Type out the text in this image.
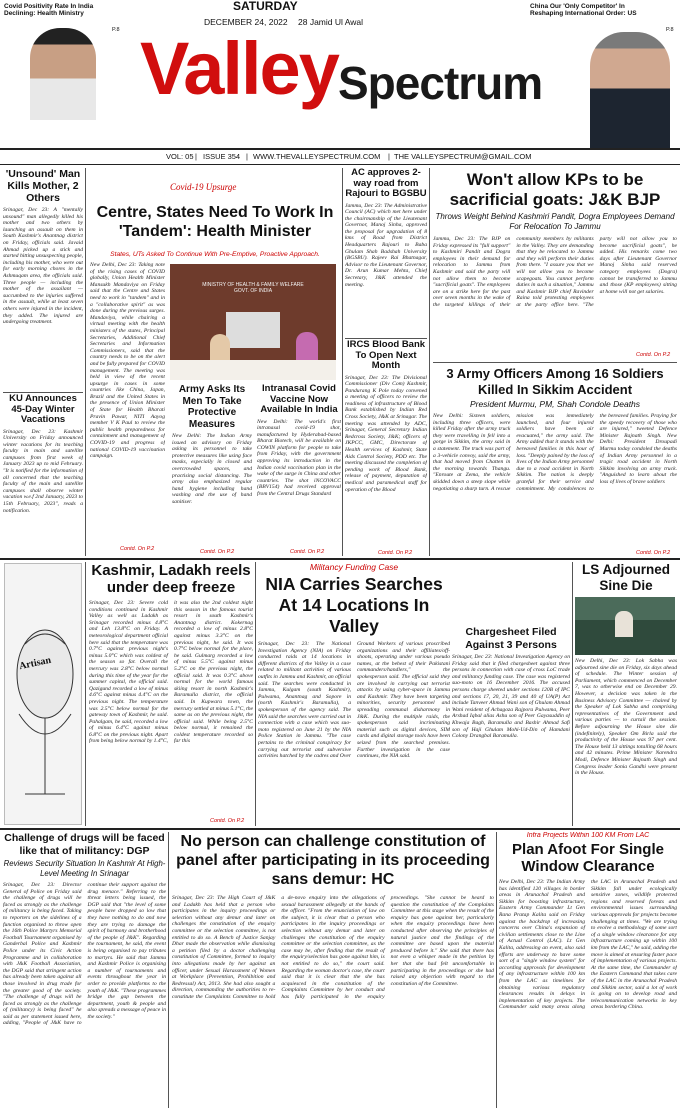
Covid Positivity Rate In India
Declining: Health Ministry
P.8
SATURDAY
DECEMBER 24, 2022 28 Jamid Ul Awal
China Our 'Only Competitor' In
Reshaping International Order: US
P.8
Valley Spectrum
VOL: 05 | ISSUE 354 | WWW.THEVALLEYSPECTRUM.COM | THE VALLEYSPECTRUM@GMAIL.COM
'Unsound' Man Kills Mother, 2 Others
Srinagar, Dec 23: A "mentally unsound" man allegedly killed his mother and two others by launching an assault on them in South Kashmir's Anantnag district on Friday, officials said. Javaid Ahmad picked up a stick and started hitting unsuspecting people, including his mother, who were out for early morning chores in the Ashmuqam area, the officials said. Three people — including the mother of the assailant — succumbed to the injuries suffered in the assault, while at least seven others were injured in the incident, they added. The injured are undergoing treatment.
KU Announces 45-Day Winter Vacations
Srinagar, Dec 23: Kashmir University on Friday announced winter vacations for its teaching faculty in main and satellite campuses from first week of January 2023 up to mid February. "It is notified for the information of all concerned that the teaching faculty of the main and satellite campuses shall observe winter vacation w.e.f 2nd January, 2023 to 15th February, 2023", reads a notification.
Covid-19 Upsurge
Centre, States Need To Work In 'Tandem': Health Minister
States, UTs Asked To Continue With Pre-Emptive, Proactive Approach.
New Delhi, Dec 23: Taking note of the rising cases of COVID globally, Union Health Minister Mansukh Mandaviya on Friday said that the Centre and States need to work in "tandem" and in a "collaborative spirit" as was done during the previous surges. Mandaviya, while chairing a virtual meeting with the health ministers of the states, Principal Secretaries, Additional Chief Secretaries and Information Commissioners, said that the country needs to be on the alert and be fully prepared for COVID management. The meeting was held in view of the recent upsurge in cases in some countries like China, Japan, Brazil and the United States in the presence of Union Minister of State for Health Bharati Pravin Pawar, NITI Aayog member V K Paul to review the public health preparedness for containment and management of COVID-19 and progress of national COVID-19 vaccination campaign.
Contd. On P.2
MINISTRY OF HEALTH & FAMILY WELFARE GOVT. OF INDIA
Army Asks Its Men To Take Protective Measures
New Delhi: The Indian Army issued an advisory on Friday asking its personnel to take protective measures like using face masks, especially in closed and overcrowded spaces, and practising social distancing. The army also emphasized regular hand hygiene including hand washing and the use of hand sanitiser.
Contd. On P.2
Intranasal Covid Vaccine Now Available In India
New Delhi: The world's first intranasal covid-19 shot, manufactured by Hyderabad-based Bharat Biotech, will be available on COWIN platform for people to take from Friday, with the government approving its introduction in the Indian covid vaccination plan in the wake of the surge in China and other countries. The shot iNCOVACC (BBV154) had received approval from the Central Drugs Standard
Contd. On P.2
AC approves 2-way road from Rajouri to BGSBU
Jammu, Dec 23: The Administrative Council (AC) which met here under the chairmanship of the Lieutenant Governor, Manoj Sinha, approved the proposal for upgradation of 8 kms of Road from District Headquarters Rajouri to Baba Ghulam Shah Badshah University (BGSBU). Rajeev Rai Bhatnagar, Advisor to the Lieutenant Governor, Dr. Arun Kumar Mehta, Chief Secretary, J&K attended the meeting.
IRCS Blood Bank To Open Next Month
Srinagar, Dec 23: The Divisional Commissioner (Div Com) Kashmir, Pandurang K Pole today convened a meeting of officers to review the readiness of infrastructure of Blood Bank established by Indian Red Cross Society, J&K at Srinagar. The meeting was attended by ADC, Srinagar, General Secretary Indian Redcross Society, J&K; officers of JKPCC, GMC, Directorate of Health services of Kashmir, State Aids Control Society, PDD etc. The meeting discussed the completion of pending work of Blood Bank, release of payment, deputation of medical and paramedical staff for operation of the Blood
Contd. On P.2
Won't allow KPs to be sacrificial goats: J&K BJP
Throws Weight Behind Kashmiri Pandit, Dogra Employees Demand For Relocation To Jammu
Jammu, Dec 23: The BJP on Friday expressed its "full support" to Kashmiri Pandit and Dogra employees in their demand for relocation to Jammu from Kashmir and said the party will not allow them to become "sacrificial goats". The employees are on a strike here for the past over seven months in the wake of the targeted killings of their community members by militants in the Valley. They are demanding that they be relocated to Jammu and they will perform their duties from there. "I assure you that we will not allow you to become scapegoats. You cannot perform duties in such a situation," Jammu and Kashmir BJP chief Ravinder Raina told protesting employees at the party office here. "The party will not allow you to become sacrificial goats", he added. His remarks come two days after Lieutenant Governor Manoj Sinha said reserved category employees (Dogra) cannot be transferred to Jammu and those (KP employees) sitting at home will not get salaries.
Contd. On P.2
3 Army Officers Among 16 Soldiers Killed In Sikkim Accident
President Murmu, PM, Shah Condole Deaths
New Delhi: Sixteen soldiers, including three officers, were killed Friday after the army truck they were travelling in fell into a gorge in Sikkim, the army said in a statement. The truck was part of a 3-vehicle convoy, said the army, that had moved from Chatten in the morning towards Thangu. "Enroute at Zema, the vehicle skidded down a steep slope while negotiating a sharp turn. A rescue mission was immediately launched, and four injured soldiers have been air evacuated," the army said. The Army added that it stands with the bereaved families in this hour of loss. "Deeply pained by the loss of lives of the Indian Army personnel due to a road accident in North Sikkim. The nation is deeply grateful for their service and commitment. My condolences to the bereaved families. Praying for the speedy recovery of those who are injured," tweeted Defence Minister Rajnath Singh. New Delhi: President Droupadi Murmu today condoled the deaths of Indian Army personnel in a tragic road accident in North Sikkim involving an army truck. "Anguished to learn about the loss of lives of brave soldiers
Contd. On P.2
Artisan
Kashmir, Ladakh reels under deep freeze
Srinagar, Dec 23: Severe cold conditions continued in Kashmir Valley as well as Ladakh as Srinagar recorded minus 4.8°C and Leh 13.8°C on Friday. A meteorological department official here said that the temperature was 0.7°C against previous night's minus 5.0°C which was coldest of the season so far. Overall the mercury was 2.8°C below normal during this time of the year for the summer capital, the official said. Qazigund recorded a low of minus 4.6°C against minus 4.4°C on the previous night. The temperature was 2.5°C below normal for the gateway town of Kashmir, he said. Pahalgam, he said, recorded a low of minus 6.4°C against minus 6.8°C on the previous night. Apart from being below normal by 1.4°C, it was also the 2nd coldest night this season in the famous tourist resort in south Kashmir's Anantnag district. Kokernag recorded a low of minus 2.8°C against minus 3.3°C on the previous night, he said. It was 0.7°C below normal for the place, he said. Gulmarg recorded a low of minus 5.5°C against minus 5.2°C on the previous night, the official said. It was 0.3°C above normal for the world famous skiing resort in north Kashmir's Baramulla district, the official said. In Kupwara town, the mercury settled at minus 5.1°C, the same as on the previous night, the official said. While being 2.5°C below normal, it remained the coldest temperature recorded so far this
Contd. On P.2
Militancy Funding Case
NIA Carries Searches At 14 Locations In Valley
Srinagar, Dec 23: The National Investigation Agency (NIA) on Friday conducted raids at 14 locations in different districts of the Valley in a case related to militant activities of various outfits in Jammu and Kashmir, an official said. The searches were conducted in Jammu, Kulgam (south Kashmir), Pulwama, Anantnag and Sopore in (north Kashmir's Baramulla), a spokesperson of the agency said. The NIA said the searches were carried out in connection with a case which was suo-moto registered on June 21 by the NIA Police Station in Jammu. "The case pertains to the criminal conspiracy for carrying out terrorist and subversive activities hatched by the cadres and Over Ground Workers of various proscribed organizations and their affiliates/off-shoots, operating under various pseudo names, at the behest of their Pakistani commanders/handlers," the spokesperson said. The official said they are involved in carrying out terrorist attacks by using cyber-space in Jammu and Kashmir. They have been targeting minorities, security personnel and spreading communal disharmony in J&K. During the multiple raids, the spokesperson said incriminating material such as digital devices, SIM cards and digital storage tools have been seized from the searched premises. Further investigation in the case continues, the NIA said.
Chargesheet Filed Against 3 Persons
Srinagar, Dec 23: National Investigation Agency on Friday said that it filed chargesheet against three persons in connection with case of cross LoC trade and militancy funding case. The case was registered suo-moto on 16 December 2016. The accused persons charge sheeted under sections 120B of IPC and sections 17, 20, 21, 39 and 40 of UA(P) Act include Tanveer Ahmad Wani son of Ghulam Ahmad Wani resident of Achagoza Rajpora Pulwama, Peer Arshad Iqbal alias Ashu son of Peer Gayasuddin of Khwaja Bagh, Baramulla and Bashir Ahmad Safi son of Haji Ghulam Mohi-Ud-Din of Hamdani Colony Drangbal Baramulla.
LS Adjourned Sine Die
New Delhi, Dec 23: Lok Sabha was adjourned sine die on Friday, six days ahead of schedule. The Winter session of Parliament, which commenced on December 7, was to otherwise end on December 29. However, a decision was taken in the Business Advisory Committee — chaired by the Speaker of Lok Sabha and comprising representatives of the Government and various parties — to curtail the session. Before adjourning the House sine die (indefinitely), Speaker Om Birla said the productivity of the House was 97 per cent. The House held 13 sittings totalling 68 hours and 42 minutes. Prime Minister Narendra Modi, Defence Minister Rajnath Singh and Congress leader Sonia Gandhi were present in the House.
Challenge of drugs will be faced like that of militancy: DGP
Reviews Security Situation In Kashmir At High-Level Meeting In Srinagar
Srinagar, Dec 23: Director General of Police on Friday said the challenge of drugs will be faced as strongly as the challenge of militancy is being faced. Taking to reporters on the sidelines of a function organised to throw open the 16th Police Martyrs Memorial Football Tournament organised by Ganderbal Police and Kashmir Police under its Civic Action Programme and in collaboration with J&K Football Association, the DGP said that stringent action has already been taken against all those involved in drug trade for the greater good of the society. "The challenge of drugs will be faced as strongly as the challenge of (militancy) is being faced" he said as per statement issued here, adding, "People of J&K have to continue their support against the drug menace." Referring to the threat letters being issued, the DGP said that "the level of some people have dropped so low that they have nothing to do and now they are trying to damage the spirit of harmony and brotherhood of the people of J&K". Regarding the tournament, he said, the event is being organised to pay tributes to martyrs. He said that Jammu and Kashmir Police is organising a number of tournaments and events throughout the year in order to provide platforms to the youth of J&K. "These programmes bridge the gap between the department, youth & people and also spreads a message of peace in the society."
No person can challenge constitution of panel after participating in its proceeding sans demur: HC
Srinagar, Dec 23: The High Court of J&K and Ladakh has held that a person who participates in the inquiry proceedings or selection without any demur and later on challenges the constitution of the enquiry committee or the selection committee, is not entitled to do so. A Bench of Justice Sanjay Dhar made the observation while dismissing a petition filed by a doctor challenging constitution of Committee, formed to inquiry into allegations made by her against an officer, under Sexual Harassment of Women at Workplace (Prevention, Prohibition and Redressal) Act, 2013. She had also sought a direction, commanding the authorities to re-constitute the Complaints Committee to hold a de-novo enquiry into the allegations of sexual harassment allegedly at the hands of the officer. "From the enunciation of law on the subject, it is clear that a person who participates in the inquiry proceedings or selection without any demur and later on challenges the constitution of the enquiry committee or the selection committee, as the case may be, after finding that the result of the enquiry/selection has gone against him, is not entitled to do so," the court said. Regarding the woman doctor's case, the court said that it is clear that the she has acquiesced in the constitution of the Complaints Committee by her conduct and has fully participated in the enquiry proceedings. "She cannot be heard to question the constitution of the Complaints Committee at this stage when the result of the enquiry has gone against her, particularly when the enquiry proceedings have been conducted after observing the principles of natural justice and the findings of the committee are based upon the material produced before it." She said that there has not even a whisper made in the petition by her that she had felt uncomfortable in participating in the proceedings or she had raised any objection with regard to the constitution of the Committee.
Infra Projects Within 100 KM From LAC
Plan Afoot For Single Window Clearance
New Delhi, Dec 23: The Indian Army has identified 120 villages in border areas in Arunachal Pradesh and Sikkim for boosting infrastructure, Eastern Army Commander Lt Gen Rana Pratap Kalita said on Friday against the backdrop of increasing concerns over China's expansion of civilian settlements close to the Line of Actual Control (LAC). Lt Gen Kalita, addressing an event, also said efforts are underway to have some sort of a "single window system" for according approvals for development of any infrastructure within 100 km from the LAC as timelines for obtaining various regulatory clearances results in delays in implementation of key projects. The Commander said many areas along the LAC in Arunachal Pradesh and Sikkim fall under ecologically sensitive zones, wildlife protected regions and reserved forests and environmental issues surrounding various approvals for projects become challenging at times. "We are trying to evolve a methodology of some sort of a single window clearance for any infrastructure coming up within 100 km from the LAC," he said, adding the move is aimed at ensuring faster pace of implementation of various projects. At the same time, the Commander of the Eastern Command that takes care of the LAC in the Arunachal Pradesh and Sikkim sector, said a lot of work is going on to develop road and telecommunication networks in key areas bordering China.
